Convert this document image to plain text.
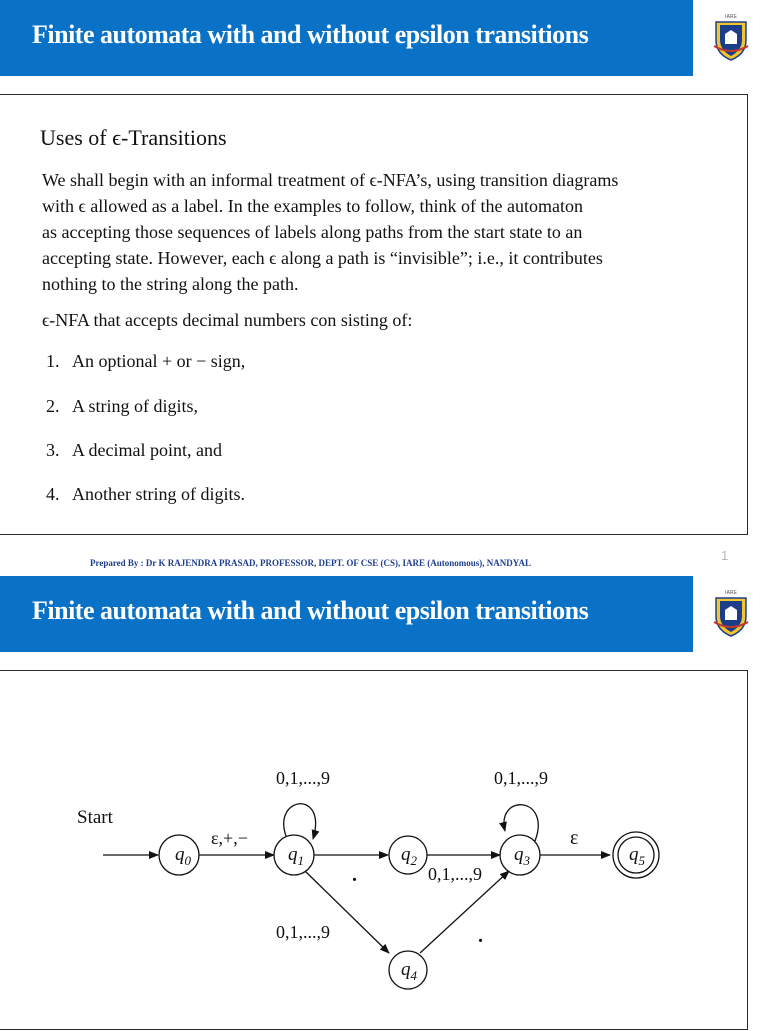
Finite automata with and without epsilon transitions
IARE
Uses of ϵ-Transitions
We shall begin with an informal treatment of ϵ-NFA’s, using transition diagrams
with ϵ allowed as a label. In the examples to follow, think of the automaton
as accepting those sequences of labels along paths from the start state to an
accepting state. However, each ϵ along a path is “invisible”; i.e., it contributes
nothing to the string along the path.
ϵ-NFA that accepts decimal numbers con sisting of:
1. An optional + or − sign,
2. A string of digits,
3. A decimal point, and
4. Another string of digits.
Prepared By : Dr K RAJENDRA PRASAD, PROFESSOR, DEPT. OF CSE (CS), IARE (Autonomous), NANDYAL	1
Finite automata with and without epsilon transitions
IARE
$q_0$	$q_1$	$q_2$	$q_3$
$q_4$
$q_5$
Start
ε,+,−
0,1,...,9
.	0,1,...,9
0,1,...,9
ε
0,1,...,9	.
